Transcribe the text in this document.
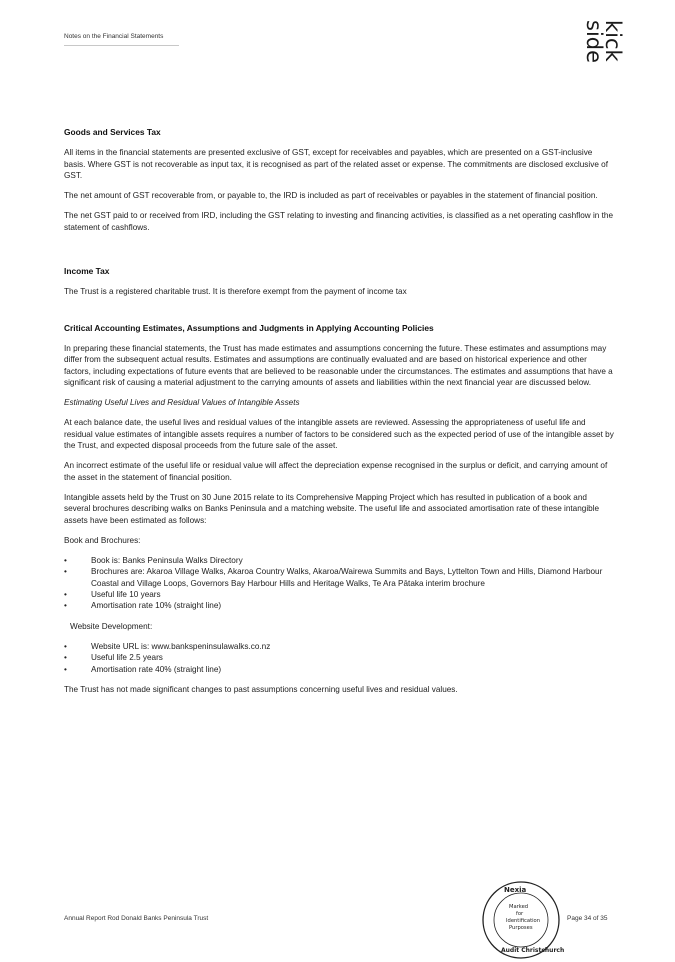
Notes on the Financial Statements	kick
side
Goods and Services Tax

All items in the financial statements are presented exclusive of GST, except for receivables and payables, which are presented on a GST-inclusive basis. Where GST is not recoverable as input tax, it is recognised as part of the related asset or expense. The commitments are disclosed exclusive of GST.

The net amount of GST recoverable from, or payable to, the IRD is included as part of receivables or payables in the statement of financial position.

The net GST paid to or received from IRD, including the GST relating to investing and financing activities, is classified as a net operating cashflow in the statement of cashflows.

Income Tax

The Trust is a registered charitable trust. It is therefore exempt from the payment of income tax

Critical Accounting Estimates, Assumptions and Judgments in Applying Accounting Policies

In preparing these financial statements, the Trust has made estimates and assumptions concerning the future. These estimates and assumptions may differ from the subsequent actual results. Estimates and assumptions are continually evaluated and are based on historical experience and other factors, including expectations of future events that are believed to be reasonable under the circumstances. The estimates and assumptions that have a significant risk of causing a material adjustment to the carrying amounts of assets and liabilities within the next financial year are discussed below.

Estimating Useful Lives and Residual Values of Intangible Assets

At each balance date, the useful lives and residual values of the intangible assets are reviewed. Assessing the appropriateness of useful life and residual value estimates of intangible assets requires a number of factors to be considered such as the expected period of use of the intangible asset by the Trust, and expected disposal proceeds from the future sale of the asset.

An incorrect estimate of the useful life or residual value will affect the depreciation expense recognised in the surplus or deficit, and carrying amount of the asset in the statement of financial position.

Intangible assets held by the Trust on 30 June 2015 relate to its Comprehensive Mapping Project which has resulted in publication of a book and several brochures describing walks on Banks Peninsula and a matching website. The useful life and associated amortisation rate of these intangible assets have been estimated as follows:

Book and Brochures:

•	Book is: Banks Peninsula Walks Directory
•	Brochures are: Akaroa Village Walks, Akaroa Country Walks, Akaroa/Wairewa Summits and Bays, Lyttelton Town and Hills, Diamond Harbour Coastal and Village Loops, Governors Bay Harbour Hills and Heritage Walks, Te Ara Pātaka interim brochure
•	Useful life 10 years
•	Amortisation rate 10% (straight line)

Website Development:

•	Website URL is: www.bankspeninsulawalks.co.nz
•	Useful life 2.5 years
•	Amortisation rate 40% (straight line)

The Trust has not made significant changes to past assumptions concerning useful lives and residual values.

Annual Report Rod Donald Banks Peninsula Trust
Nexia
Marked
for
Identification
Purposes
Audit Christchurch
Page 34 of 35
